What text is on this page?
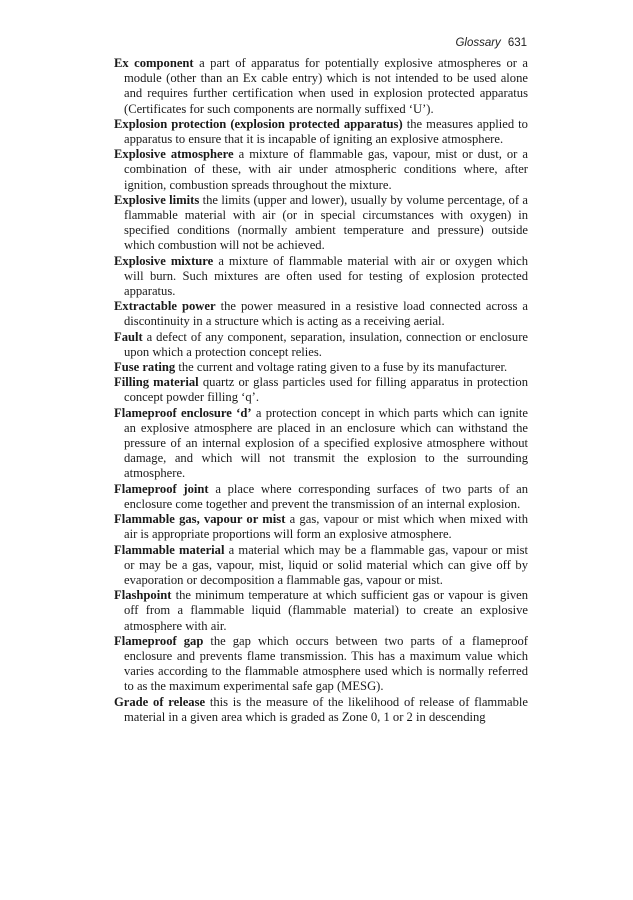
Glossary 631

Ex component a part of apparatus for potentially explosive atmospheres or a module (other than an Ex cable entry) which is not intended to be used alone and requires further certification when used in explosion protected apparatus (Certificates for such components are normally suffixed ‘U’).

Explosion protection (explosion protected apparatus) the measures applied to apparatus to ensure that it is incapable of igniting an explosive atmosphere.

Explosive atmosphere a mixture of flammable gas, vapour, mist or dust, or a combination of these, with air under atmospheric conditions where, after ignition, combustion spreads throughout the mixture.

Explosive limits the limits (upper and lower), usually by volume percentage, of a flammable material with air (or in special circumstances with oxygen) in specified conditions (normally ambient temperature and pressure) outside which combustion will not be achieved.

Explosive mixture a mixture of flammable material with air or oxygen which will burn. Such mixtures are often used for testing of explosion protected apparatus.

Extractable power the power measured in a resistive load connected across a discontinuity in a structure which is acting as a receiving aerial.

Fault a defect of any component, separation, insulation, connection or enclosure upon which a protection concept relies.

Fuse rating the current and voltage rating given to a fuse by its manufacturer.

Filling material quartz or glass particles used for filling apparatus in protection concept powder filling ‘q’.

Flameproof enclosure ‘d’ a protection concept in which parts which can ignite an explosive atmosphere are placed in an enclosure which can withstand the pressure of an internal explosion of a specified explosive atmosphere without damage, and which will not transmit the explosion to the surrounding atmosphere.

Flameproof joint a place where corresponding surfaces of two parts of an enclosure come together and prevent the transmission of an internal explosion.

Flammable gas, vapour or mist a gas, vapour or mist which when mixed with air is appropriate proportions will form an explosive atmosphere.

Flammable material a material which may be a flammable gas, vapour or mist or may be a gas, vapour, mist, liquid or solid material which can give off by evaporation or decomposition a flammable gas, vapour or mist.

Flashpoint the minimum temperature at which sufficient gas or vapour is given off from a flammable liquid (flammable material) to create an explosive atmosphere with air.

Flameproof gap the gap which occurs between two parts of a flameproof enclosure and prevents flame transmission. This has a maximum value which varies according to the flammable atmosphere used which is normally referred to as the maximum experimental safe gap (MESG).

Grade of release this is the measure of the likelihood of release of flammable material in a given area which is graded as Zone 0, 1 or 2 in descending
